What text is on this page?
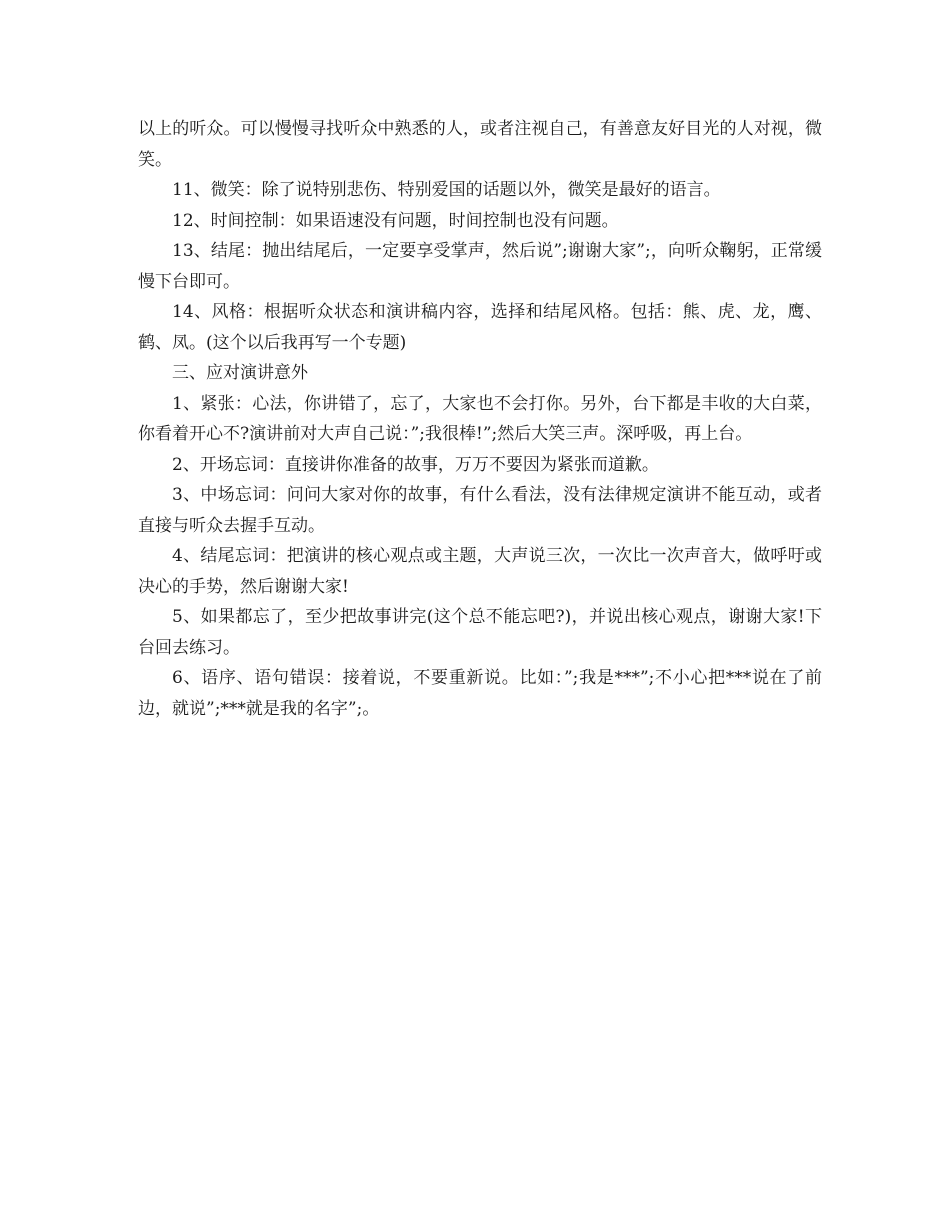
以上的听众。可以慢慢寻找听众中熟悉的人，或者注视自己，有善意友好目光的人对视，微笑。

11、微笑：除了说特别悲伤、特别爱国的话题以外，微笑是最好的语言。

12、时间控制：如果语速没有问题，时间控制也没有问题。

13、结尾：抛出结尾后，一定要享受掌声，然后说”;谢谢大家”;，向听众鞠躬，正常缓慢下台即可。

14、风格：根据听众状态和演讲稿内容，选择和结尾风格。包括：熊、虎、龙，鹰、鹤、凤。(这个以后我再写一个专题)

三、应对演讲意外

1、紧张：心法，你讲错了，忘了，大家也不会打你。另外，台下都是丰收的大白菜，你看着开心不?演讲前对大声自己说：”;我很棒!”;然后大笑三声。深呼吸，再上台。

2、开场忘词：直接讲你准备的故事，万万不要因为紧张而道歉。

3、中场忘词：问问大家对你的故事，有什么看法，没有法律规定演讲不能互动，或者直接与听众去握手互动。

4、结尾忘词：把演讲的核心观点或主题，大声说三次，一次比一次声音大，做呼吁或决心的手势，然后谢谢大家!

5、如果都忘了，至少把故事讲完(这个总不能忘吧?)，并说出核心观点，谢谢大家!下台回去练习。

6、语序、语句错误：接着说，不要重新说。比如：”;我是***”;不小心把***说在了前边，就说”;***就是我的名字”;。
